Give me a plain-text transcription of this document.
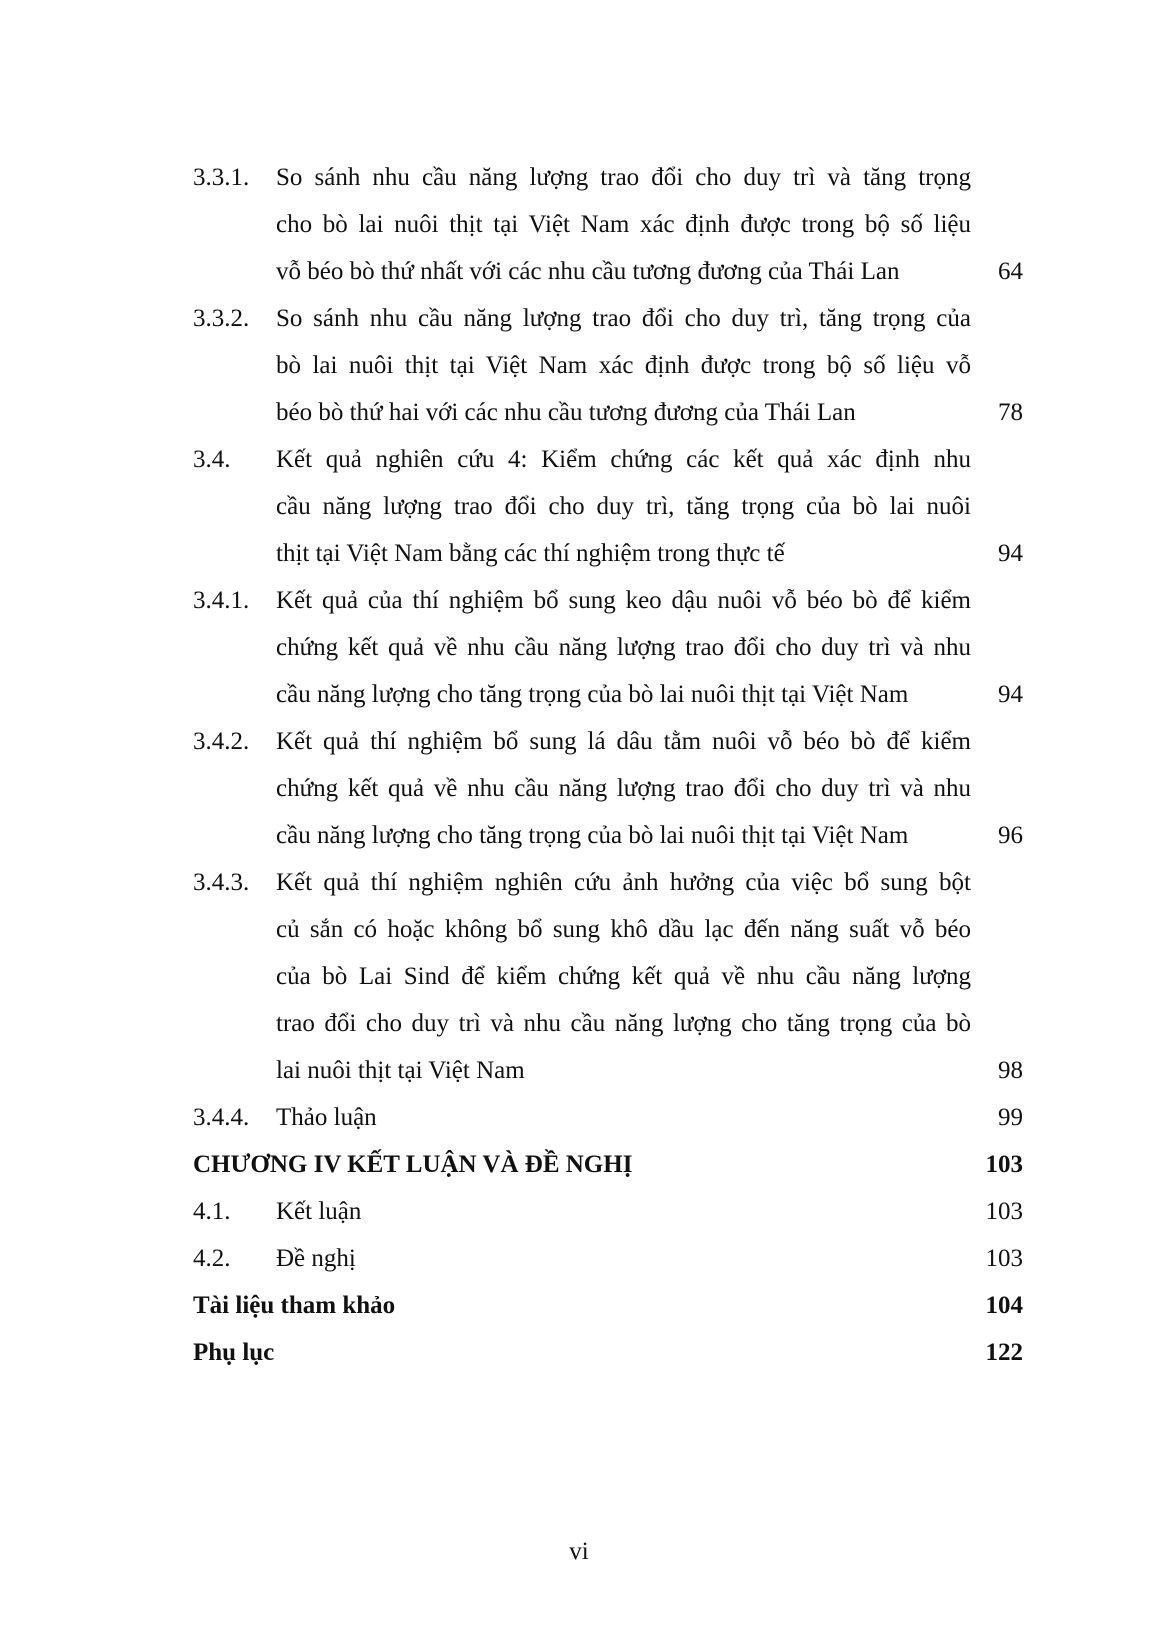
3.3.1.	So sánh nhu cầu năng lượng trao đổi cho duy trì và tăng trọng
cho bò lai nuôi thịt tại Việt Nam xác định được trong bộ số liệu
vỗ béo bò thứ nhất với các nhu cầu tương đương của Thái Lan	64
3.3.2.	So sánh nhu cầu năng lượng trao đổi cho duy trì, tăng trọng của
bò lai nuôi thịt tại Việt Nam xác định được trong bộ số liệu vỗ
béo bò thứ hai với các nhu cầu tương đương của Thái Lan	78
3.4.	Kết quả nghiên cứu 4: Kiểm chứng các kết quả xác định nhu
cầu năng lượng trao đổi cho duy trì, tăng trọng của bò lai nuôi
thịt tại Việt Nam bằng các thí nghiệm trong thực tế	94
3.4.1.	Kết quả của thí nghiệm bổ sung keo dậu nuôi vỗ béo bò để kiểm
chứng kết quả về nhu cầu năng lượng trao đổi cho duy trì và nhu
cầu năng lượng cho tăng trọng của bò lai nuôi thịt tại Việt Nam	94
3.4.2.	Kết quả thí nghiệm bổ sung lá dâu tằm nuôi vỗ béo bò để kiểm
chứng kết quả về nhu cầu năng lượng trao đổi cho duy trì và nhu
cầu năng lượng cho tăng trọng của bò lai nuôi thịt tại Việt Nam	96
3.4.3.	Kết quả thí nghiệm nghiên cứu ảnh hưởng của việc bổ sung bột
củ sắn có hoặc không bổ sung khô dầu lạc đến năng suất vỗ béo
của bò Lai Sind để kiểm chứng kết quả về nhu cầu năng lượng
trao đổi cho duy trì và nhu cầu năng lượng cho tăng trọng của bò
lai nuôi thịt tại Việt Nam	98
3.4.4.	Thảo luận	99
CHƯƠNG IV KẾT LUẬN VÀ ĐỀ NGHỊ	103
4.1.	Kết luận	103
4.2.	Đề nghị	103
Tài liệu tham khảo	104
Phụ lục	122
vi
